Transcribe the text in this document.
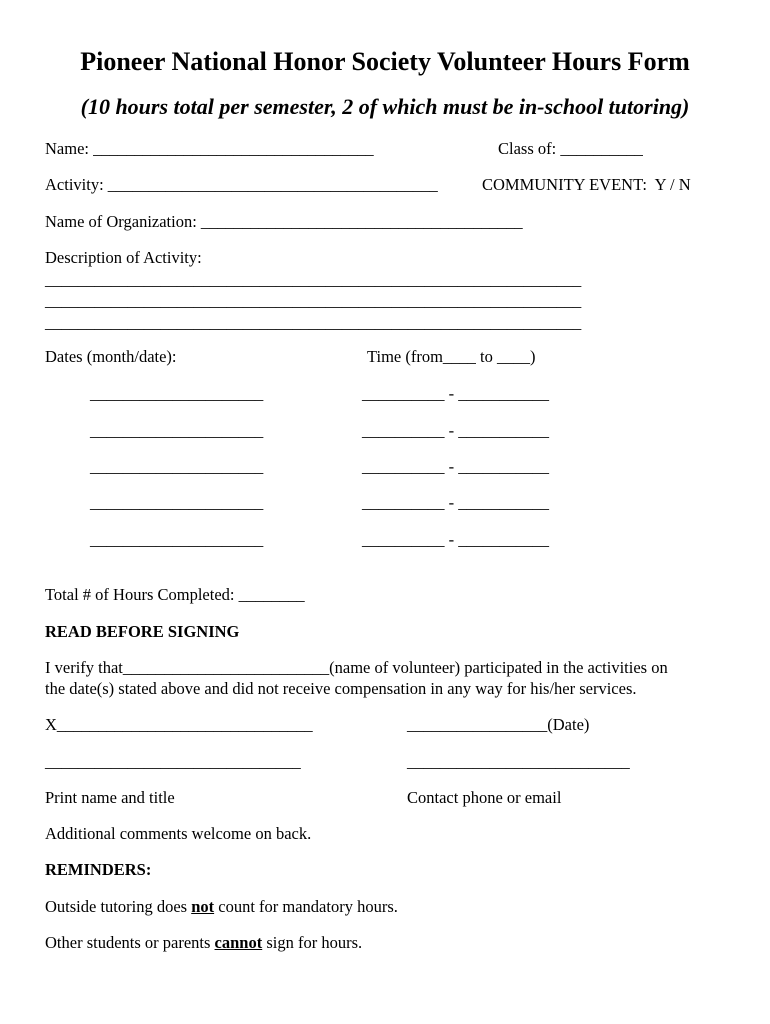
Pioneer National Honor Society Volunteer Hours Form
(10 hours total per semester, 2 of which must be in-school tutoring)
Name: __________________________________	Class of: __________
Activity: ________________________________________	COMMUNITY EVENT:  Y / N
Name of Organization: _______________________________________
Description of Activity:
_________________________________________________________________
_________________________________________________________________
_________________________________________________________________
Dates (month/date):	Time (from____ to ____)
_____________________	__________ - ___________
_____________________	__________ - ___________
_____________________	__________ - ___________
_____________________	__________ - ___________
_____________________	__________ - ___________
Total # of Hours Completed: ________
READ BEFORE SIGNING
I verify that_________________________(name of volunteer) participated in the activities on
the date(s) stated above and did not receive compensation in any way for his/her services.
X_______________________________	_________________(Date)
_______________________________	___________________________
Print name and title	Contact phone or email
Additional comments welcome on back.
REMINDERS:
Outside tutoring does not count for mandatory hours.
Other students or parents cannot sign for hours.
